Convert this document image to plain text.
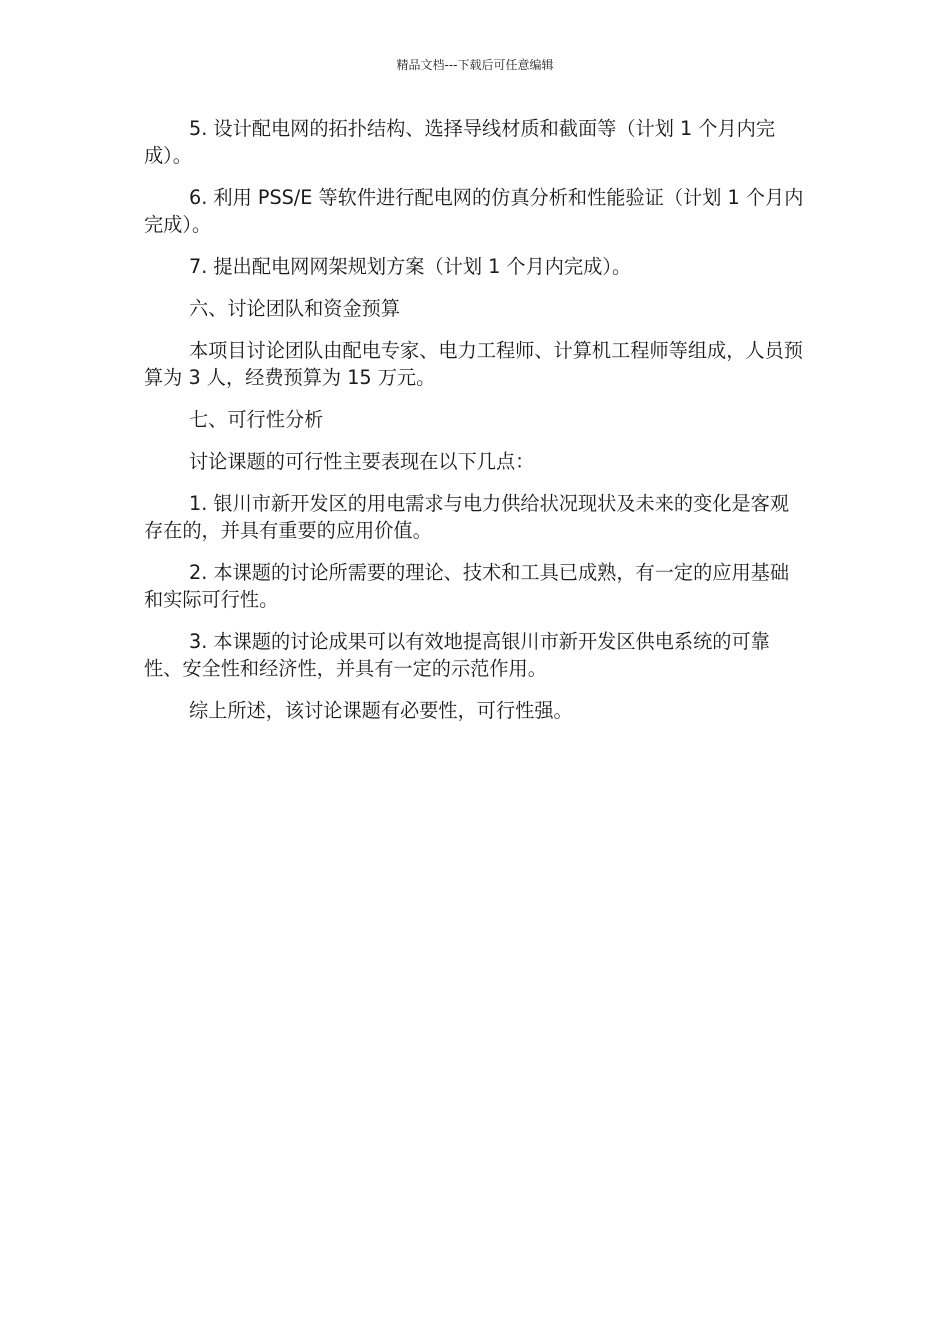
精品文档---下载后可任意编辑

5. 设计配电网的拓扑结构、选择导线材质和截面等（计划 1 个月内完成）。

6. 利用 PSS/E 等软件进行配电网的仿真分析和性能验证（计划 1 个月内完成）。

7. 提出配电网网架规划方案（计划 1 个月内完成）。

六、讨论团队和资金预算

本项目讨论团队由配电专家、电力工程师、计算机工程师等组成，人员预算为 3 人，经费预算为 15 万元。

七、可行性分析

讨论课题的可行性主要表现在以下几点：

1. 银川市新开发区的用电需求与电力供给状况现状及未来的变化是客观存在的，并具有重要的应用价值。

2. 本课题的讨论所需要的理论、技术和工具已成熟，有一定的应用基础和实际可行性。

3. 本课题的讨论成果可以有效地提高银川市新开发区供电系统的可靠性、安全性和经济性，并具有一定的示范作用。

综上所述，该讨论课题有必要性，可行性强。
